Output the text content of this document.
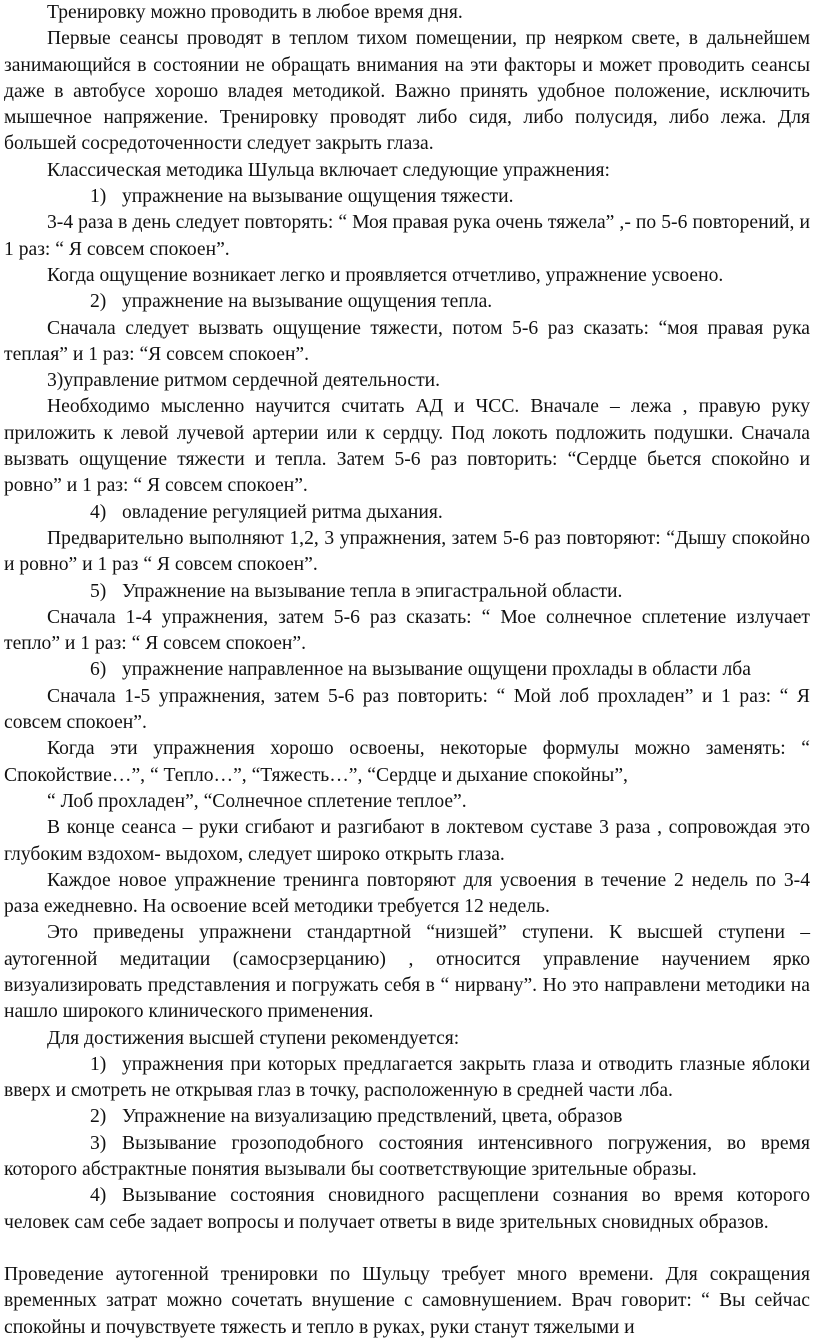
Тренировку можно проводить в любое время дня.

Первые сеансы проводят в теплом тихом помещении, пр неярком свете, в дальнейшем занимающийся в состоянии не обращать внимания на эти факторы и может проводить сеансы даже в автобусе хорошо владея методикой. Важно принять удобное положение, исключить мышечное напряжение. Тренировку проводят либо сидя, либо полусидя, либо лежа. Для большей сосредоточенности следует закрыть глаза.

Классическая методика Шульца включает следующие упражнения:

1) упражнение на вызывание ощущения тяжести.

3-4 раза в день следует повторять: “ Моя правая рука очень тяжела” ,- по 5-6 повторений, и 1 раз: “ Я совсем спокоен”.

Когда ощущение возникает легко и проявляется отчетливо, упражнение усвоено.

2) упражнение на вызывание ощущения тепла.

Сначала следует вызвать ощущение тяжести, потом 5-6 раз сказать: “моя правая рука теплая” и 1 раз: “Я совсем спокоен”.

3)управление ритмом сердечной деятельности.

Необходимо мысленно научится считать АД и ЧСС. Вначале – лежа , правую руку приложить к левой лучевой артерии или к сердцу. Под локоть подложить подушки. Сначала вызвать ощущение тяжести и тепла. Затем 5-6 раз повторить: “Сердце бьется спокойно и ровно” и 1 раз: “ Я совсем спокоен”.

4) овладение регуляцией ритма дыхания.

Предварительно выполняют 1,2, 3 упражнения, затем 5-6 раз повторяют: “Дышу спокойно и ровно” и 1 раз “ Я совсем спокоен”.

5) Упражнение на вызывание тепла в эпигастральной области.

Сначала 1-4 упражнения, затем 5-6 раз сказать: “ Мое солнечное сплетение излучает тепло” и 1 раз: “ Я совсем спокоен”.

6) упражнение направленное на вызывание ощущени прохлады в области лба

Сначала 1-5 упражнения, затем 5-6 раз повторить: “ Мой лоб прохладен” и 1 раз: “ Я совсем спокоен”.

Когда эти упражнения хорошо освоены, некоторые формулы можно заменять: “ Спокойствие…”, “ Тепло…”, “Тяжесть…”, “Сердце и дыхание спокойны”,

“ Лоб прохладен”, “Солнечное сплетение теплое”.

В конце сеанса – руки сгибают и разгибают в локтевом суставе 3 раза , сопровождая это глубоким вздохом- выдохом, следует широко открыть глаза.

Каждое новое упражнение тренинга повторяют для усвоения в течение 2 недель по 3-4 раза ежедневно. На освоение всей методики требуется 12 недель.

Это приведены упражнени стандартной “низшей” ступени. К высшей ступени – аутогенной медитации (самосрзерцанию) , относится управление научением ярко визуализировать представления и погружать себя в “ нирвану”. Но это направлени методики на нашло широкого клинического применения.

Для достижения высшей ступени рекомендуется:

1) упражнения при которых предлагается закрыть глаза и отводить глазные яблоки вверх и смотреть не открывая глаз в точку, расположенную в средней части лба.

2) Упражнение на визуализацию предствлений, цвета, образов

3) Вызывание грозоподобного состояния интенсивного погружения, во время которого абстрактные понятия вызывали бы соответствующие зрительные образы.

4) Вызывание состояния сновидного расщеплени сознания во время которого человек сам себе задает вопросы и получает ответы в виде зрительных сновидных образов.

Проведение аутогенной тренировки по Шульцу требует много времени. Для сокращения временных затрат можно сочетать внушение с самовнушением. Врач говорит: “ Вы сейчас спокойны и почувствуете тяжесть и тепло в руках, руки станут тяжелыми и
